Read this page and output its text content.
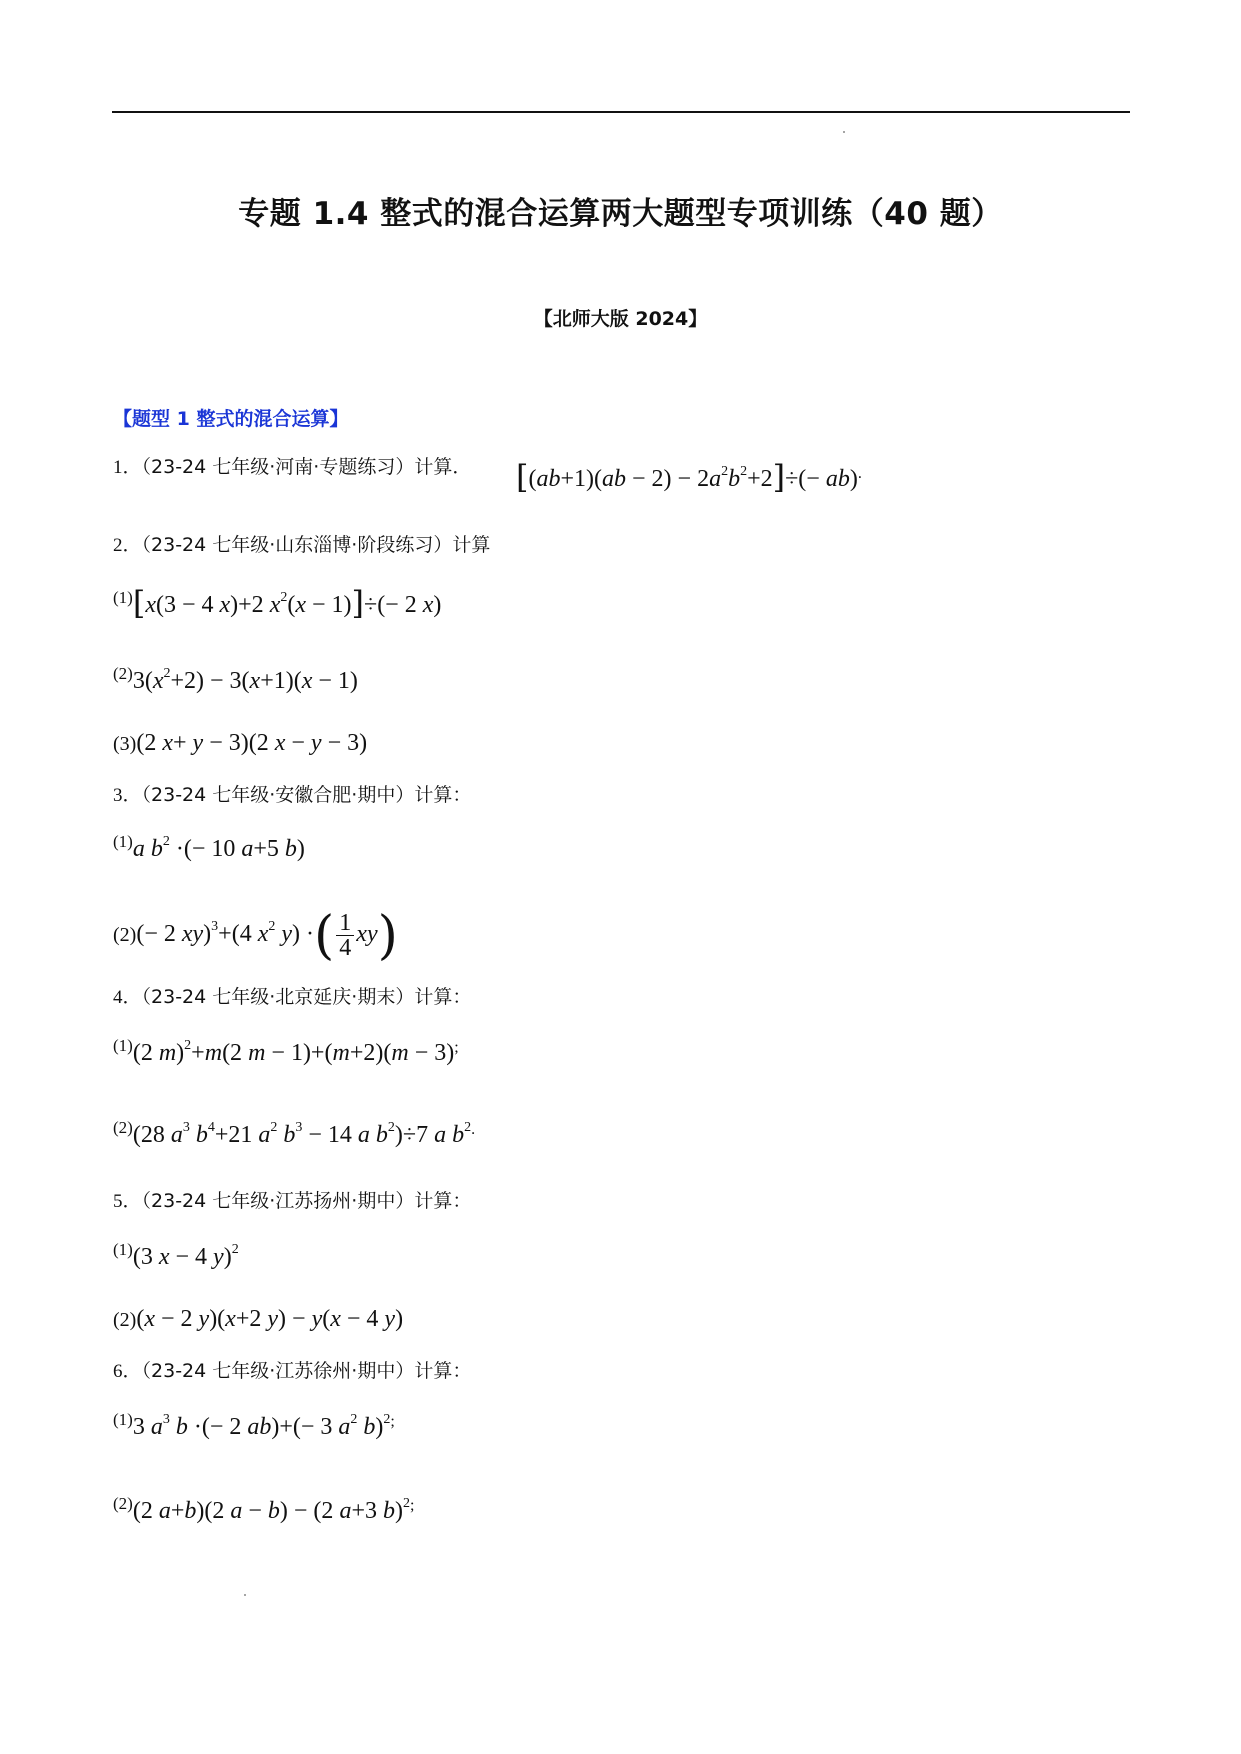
专题 1.4 整式的混合运算两大题型专项训练（40 题）
【北师大版 2024】
【题型 1 整式的混合运算】
1．（23-24 七年级·河南·专题练习）计算． $[(ab+1)(ab - 2) - 2a^2b^2+2]\div(- ab)^.$
2．（23-24 七年级·山东淄博·阶段练习）计算
$^{(1)}$[x(3 − 4 x)+2 $x^2(x - 1)]\div(- 2$ x)
$^{(2)}3(x^2+2) - 3(x+1)(x - 1)$
(3)(2 x+ y − 3)(2 x − y − 3)
3．（23-24 七年级·安徽合肥·期中）计算：
$^{(1)}$a $b^2$ ·(− 10 a+5 b)
(2)(− 2 xy)$^3$+(4 $x^2$ y) ·( $\frac{1}{4} xy$)
4．（23-24 七年级·北京延庆·期末）计算：
$^{(1)}$(2 m)$^2$+m(2 m − 1)+(m+2)(m − 3);
$^{(2)}$(28 $a^3$ $b^4+21$ $a^2$ $b^3 - 14$ a $b^2)\div 7$ a $b^{2.}$
5．（23-24 七年级·江苏扬州·期中）计算：
$^{(1)}$(3 x − 4 y)$^2$
(2)(x − 2 y)(x+2 y) − y(x − 4 y)
6．（23-24 七年级·江苏徐州·期中）计算：
$^{(1)}$3 $a^3$ b ·(− 2 ab)+(− 3 $a^2$ b)$^{2;}$
$^{(2)}$(2 a+b)(2 a − b) − (2 a+3 b)$^{2;}$
